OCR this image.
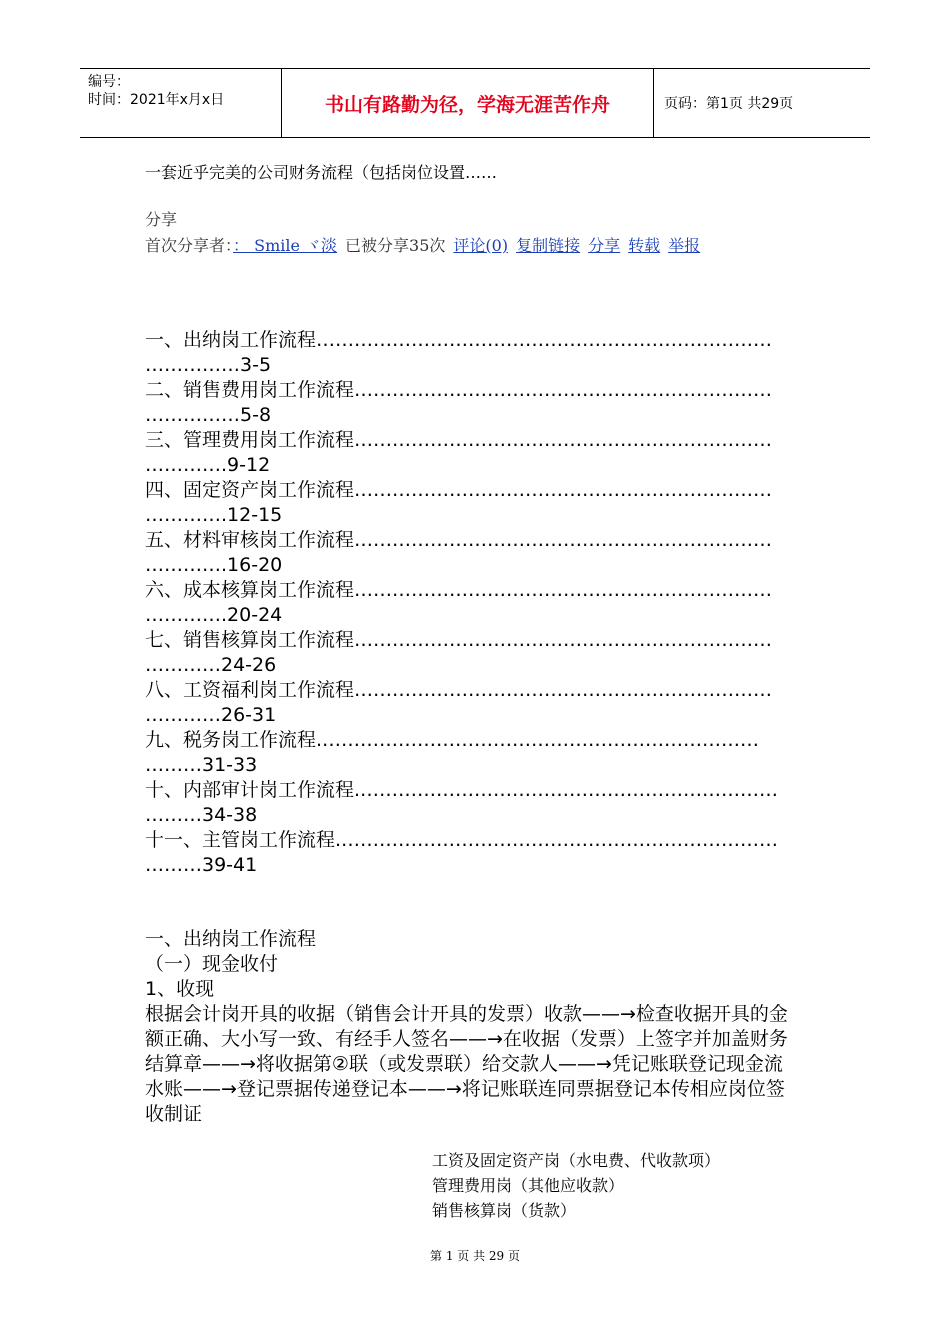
编号：
时间：2021年x月x日	书山有路勤为径，学海无涯苦作舟	页码：第1页 共29页
一套近乎完美的公司财务流程（包括岗位设置……
分享
首次分享者：： Smile ヾ淡 已被分享35次 评论(0) 复制链接 分享 转载 举报
一、出纳岗工作流程………………………………………………………………
……………3-5
二、销售费用岗工作流程…………………………………………………………
……………5-8
三、管理费用岗工作流程…………………………………………………………
………….9-12
四、固定资产岗工作流程…………………………………………………………
………….12-15
五、材料审核岗工作流程…………………………………………………………
………….16-20
六、成本核算岗工作流程…………………………………………………………
………….20-24
七、销售核算岗工作流程…………………………………………………………
…………24-26
八、工资福利岗工作流程…………………………………………………………
…………26-31
九、税务岗工作流程.……………………………………………………………
………31-33
十、内部审计岗工作流程.…………………………………………………………
………34-38
十一、主管岗工作流程.……………………………………………………………
………39-41
一、出纳岗工作流程
（一）现金收付
1、收现
根据会计岗开具的收据（销售会计开具的发票）收款——→检查收据开具的金额正确、大小写一致、有经手人签名——→在收据（发票）上签字并加盖财务结算章——→将收据第②联（或发票联）给交款人——→凭记账联登记现金流水账——→登记票据传递登记本——→将记账联连同票据登记本传相应岗位签收制证
工资及固定资产岗（水电费、代收款项）
管理费用岗（其他应收款）
销售核算岗（货款）
第 1 页 共 29 页
